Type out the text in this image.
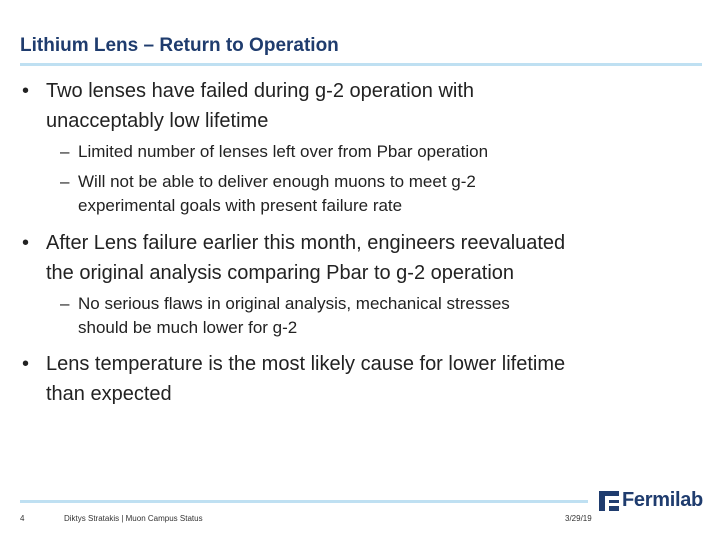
Lithium Lens – Return to Operation
• Two lenses have failed during g-2 operation with
unacceptably low lifetime
– Limited number of lenses left over from Pbar operation
– Will not be able to deliver enough muons to meet g-2
experimental goals with present failure rate
• After Lens failure earlier this month, engineers reevaluated
the original analysis comparing Pbar to g-2 operation
– No serious flaws in original analysis, mechanical stresses
should be much lower for g-2
• Lens temperature is the most likely cause for lower lifetime
than expected
4	Diktys Stratakis | Muon Campus Status	3/29/19
Fermilab
